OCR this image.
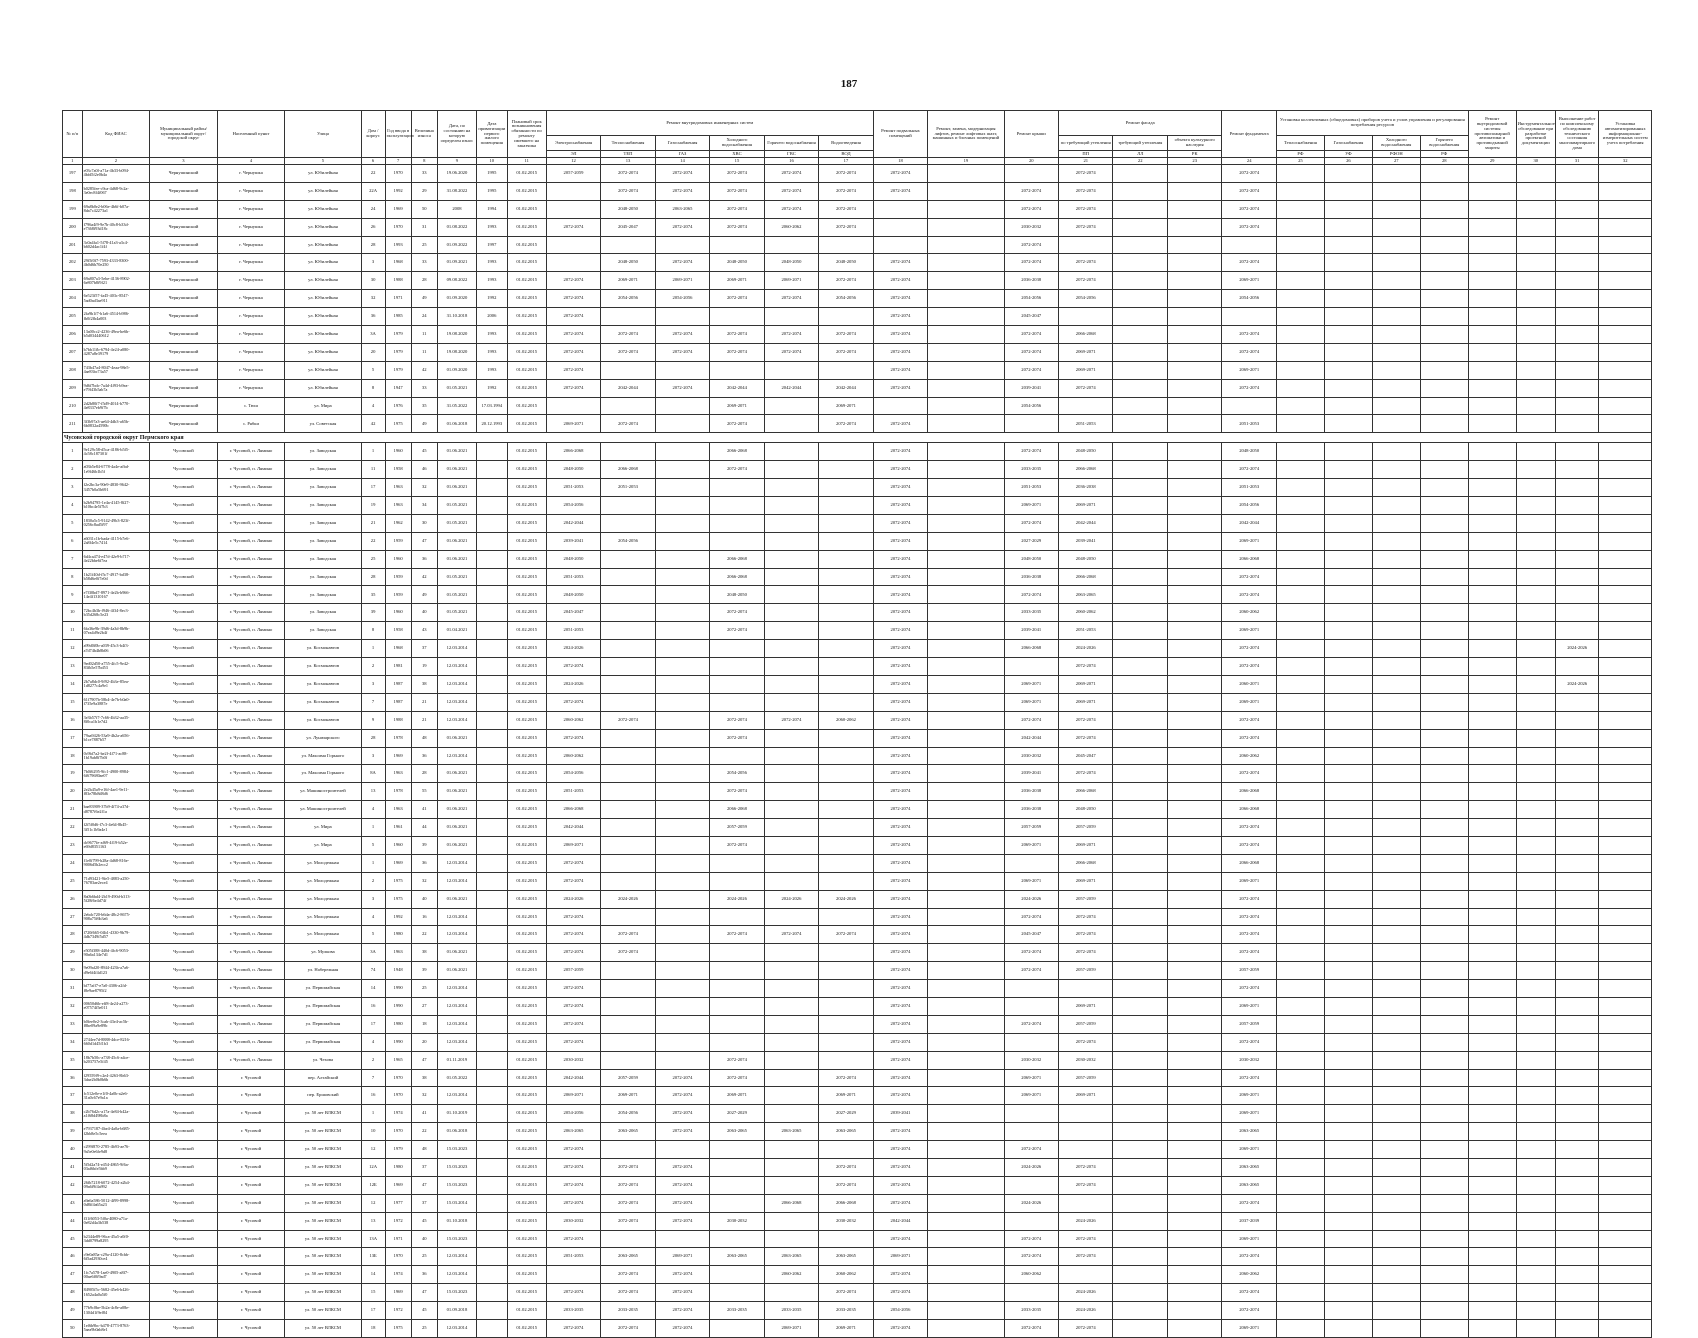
187
№ п/п	Код ФИАС	Муниципальный район/муниципальный округ/городской округ	Населенный пункт	Улица	Дом / корпус	Год ввода в эксплуатацию	Величина износа	Дата, по состоянию на которую определен износ	Дата приватизации первого жилого помещения	Плановый срок возникновения обязанности по ремонту имевшего на заказчика	Ремонт внутридомовых инженерных систем						Ремонт подвальных помещений	Ремонт, замена, модернизация лифтов, ремонт лифтовых шахт, машинных и блочных помещений	Ремонт крыши	Ремонт фасада			Ремонт фундамента	Установка коллективных (общедомовых) приборов учета и узлов управления и регулирования потребления ресурсов				Ремонт внутридомовой системы противопожарной автоматики и противодымной защиты	Инструментальное обследование при разработке проектной документации	Выполнение работ по комплексному обследованию технического состояния многоквартирного дома	Установка автоматизированных информационно-измерительных систем учета потребления
											Электроснабжения	Теплоснабжения	Газоснабжения	Холодного водоснабжения	Горячего водоснабжения	Водоотведения				по требующий утепления	требующий утепления	объекта культурного наследия		Теплоснабжения	Газоснабжения	Холодного водоснабжения	Горячего водоснабжения				
											ЭЛ	ТЕП	ГАЗ	ХВС	ГВС	ВОД				ПП	ЛЛ	РК		РФ	УФ	РФОН	РФ				
1	2	3	4	5	6	7	8	9	10	11	12	13	14	15	16	17	18	19	20	21	22	23	24	25	26	27	28	29	30	31	32
197	e03c7a0f-a71a-4b33-b094-4bfd5f2e0b4a	Чернушинский	г. Чернушка	ул. Юбилейная	22	1970	33	19.06.2020	1995	01.02.2015	2057-2059	2072-2074	2072-2074	2072-2074	2072-2074	2072-2074	2072-2074			2072-2074			2072-2074								
198	b0285fee-c9ca-4d68-9c2a-3e0ec8f4f067	Чернушинский	г. Чернушка	ул. Юбилейная	22А	1992	29	31.08.2022	1995	01.02.2015		2072-2074	2072-2074	2072-2074	2072-2074	2072-2074	2072-2074		2072-2074	2072-2074			2072-2074								
199	69a8b0e2-b06e-4b6f-b07a-8da7c42273a1	Чернушинский	г. Чернушка	ул. Юбилейная	24	1969	50	2008	1994	01.02.2015		2048-2050	2063-2065	2072-2074	2072-2074	2072-2074			2072-2074	2072-2074			2072-2074								
200	f796a4f9-9e7b-40c8-b33d-e7368f93d18c	Чернушинский	г. Чернушка	ул. Юбилейная	26	1970	31	01.08.2022	1993	01.02.2015	2072-2074	2045-2047	2072-2074	2072-2074	2060-2062	2072-2074			2030-2032	2072-2074			2072-2074								
201	3c0a4fa1-5f78-41a3-a3c4-b602d4ac1f4f	Чернушинский	г. Чернушка	ул. Юбилейная	28	1993	25	01.09.2022	1997	01.02.2015									2072-2074												
202	29f5f0f7-7593-4333-8300-4b0d6b70e250	Чернушинский	г. Чернушка	ул. Юбилейная	3	1968	33	01.09.2021	1993	01.02.2015		2048-2050	2072-2074	2048-2050	2048-2050	2048-2050	2072-2074		2072-2074	2072-2074			2072-2074								
203	69a807a3-5ebe-4136-8902-6e807b8f9f21	Чернушинский	г. Чернушка	ул. Юбилейная	30	1988	28	09.08.2022	1993	01.02.2015	2072-2074	2069-2071	2069-2071	2069-2071	2069-2071	2072-2074	2072-2074		2036-2038	2072-2074			2069-2071								
204	6e523f57-fa45-403c-8547-5ad0ad3ae911	Чернушинский	г. Чернушка	ул. Юбилейная	32	1971	49	01.09.2020	1992	01.02.2015	2072-2074	2054-2056	2054-2056	2072-2074	2072-2074	2054-2056	2072-2074		2054-2056	2054-2056			2054-2056								
205	2fa9b1f7-b1a6-4514-b986-fb0f2fb4a003	Чернушинский	г. Чернушка	ул. Юбилейная	36	1985	24	31.10.2018	2006	01.02.2015	2072-2074						2072-2074		2045-2047												
206	13a00cc2-4236-49ea-be6b-b5d034440612	Чернушинский	г. Чернушка	ул. Юбилейная	3А	1979	11	19.08.2020	1993	01.02.2015	2072-2074	2072-2074	2072-2074	2072-2074	2072-2074	2072-2074	2072-2074		2072-2074	2066-2068			2072-2074								
207	b7bb11fb-6794-4e24-a080-4287a8e39179	Чернушинский	г. Чернушка	ул. Юбилейная	20	1979	11	19.08.2020	1993	01.02.2015	2072-2074	2072-2074	2072-2074	2072-2074	2072-2074	2072-2074	2072-2074		2072-2074	2069-2071			2072-2074								
208	743b47a4-8047-4eaa-98e5-4ae83bc73a57	Чернушинский	г. Чернушка	ул. Юбилейная	5	1979	42	01.09.2020	1993	01.02.2015	2072-2074						2072-2074		2072-2074	2069-2071			2069-2071								
209	9d6f7bdc-7a4d-4f93-b9ea-e79f43b5ab7a	Чернушинский	г. Чернушка	ул. Юбилейная	8	1947	33	01.05.2021	1992	01.02.2015	2072-2074	2042-2044	2072-2074	2042-2044	2042-2044	2042-2044	2072-2074		2039-2041	2072-2074			2072-2074								
210	2d2b80f7-f5d9-4014-b770-4e8337eb9f7b	Чернушинский	с. Тюш	ул. Мира	4	1976	35	31.05.2022	17.03.1994	01.02.2015				2069-2071		2069-2071			2054-2056												
211	3f3b97a3-ae64-4db3-a65b-6b0832a4590b	Чернушинский	с. Рябки	ул. Советская	42	1975	49	01.06.2018	20.12.1993	01.02.2015	2069-2071	2072-2074		2072-2074		2072-2074	2072-2074			2051-2053			2051-2053								
Чусовской городской округ Пермского края																															
1	9e129c58-d5ca-4186-b5f5-4c58c187301f	Чусовской	г. Чусовой, п. Лямино	ул. Заводская	1	1960	45	01.06.2021		01.02.2015	2066-2068			2066-2068			2072-2074		2072-2074	2048-2050			2048-2050								
2	a03b5e84-6778-4a4e-afbd-1e9f46b1b5f	Чусовской	г. Чусовой, п. Лямино	ул. Заводская	11	1958	46	01.06.2021		01.02.2015	2048-2050	2066-2068		2072-2074			2072-2074		2033-2035	2066-2068			2072-2074								
3	f2e2bc3a-90e9-4830-9642-3457b0a5b691	Чусовской	г. Чусовой, п. Лямино	ул. Заводская	17	1963	32	01.06.2021		01.02.2015	2051-2053	2051-2053					2072-2074		2051-2053	2036-2038			2051-2053								
4	b2b94795-1e4a-4145-8f27-b10bc4e5f7b3	Чусовской	г. Чусовой, п. Лямино	ул. Заводская	19	1963	34	01.05.2021		01.02.2015	2054-2056						2072-2074		2069-2071	2069-2071			2054-2056								
5	1830a5c5-9142-49b3-823f-0256c8ad5f97	Чусовской	г. Чусовой, п. Лямино	ул. Заводская	21	1962	30	01.05.2021		01.02.2015	2042-2044						2072-2074		2072-2074	2042-2044			2042-2044								
6	a6031c1b-bada-4115-b7e6-2a8f4e5c7414	Чусовской	г. Чусовой, п. Лямино	ул. Заводская	22	1959	47	01.06.2021		01.02.2015	2039-2041	2054-2056					2072-2074		2027-2029	2039-2041			2069-2071								
7	6d4ca474-e47d-42e9-b717-4e22bbe6f7ea	Чусовской	г. Чусовой, п. Лямино	ул. Заводская	25	1960	36	01.06.2021		01.02.2015	2048-2050			2066-2068			2072-2074		2048-2050	2048-2050			2066-2068								
8	1b21f40d-f5c7-4917-bd38-b58d6e0f7e0d	Чусовской	г. Чусовой, п. Лямино	ул. Заводская	28	1959	42	01.05.2021		01.02.2015	2051-2053			2066-2068			2072-2074		2036-2038	2066-2068			2072-2074								
9	e7f30bd7-8971-4e2b-b966-14e4f1310167	Чусовской	г. Чусовой, п. Лямино	ул. Заводская	35	1959	49	01.05.2021		01.02.2015	2048-2050			2048-2050			2072-2074		2072-2074	2063-2065			2072-2074								
10	72bc4b3b-f946-4f34-8ec3-b35d268c5e23	Чусовской	г. Чусовой, п. Лямино	ул. Заводская	39	1960	40	01.05.2021		01.02.2015	2045-2047			2072-2074			2072-2074		2033-2035	2060-2062			2060-2062								
11	6fa36e9b-39d6-4a3d-8b9b-07ea4d9e2b4f	Чусовской	г. Чусовой, п. Лямино	ул. Заводская	8	1958	43	01.04.2021		01.02.2015	2051-2053			2072-2074			2072-2074		2039-2041	2051-2053			2069-2071								
12	a99d0f0b-a039-45c3-b4f3-a7d74b4b8b06	Чусовской	г. Чусовой, п. Лямино	ул. Космонавтов	1	1968	37	12.03.2014		01.02.2015	2024-2026						2072-2074		2066-2068	2024-2026			2072-2074							2024-2026	
13	9ed02d50-a755-4fc5-9e42-83fb5e57bd53	Чусовской	г. Чусовой, п. Лямино	ул. Космонавтов	2	1981	19	12.03.2014		01.02.2015	2072-2074						2072-2074			2072-2074			2072-2074								
14	2b7a8dc0-9f92-4b3e-85ea-1d8277c4a9e1	Чусовской	г. Чусовой, п. Лямино	ул. Космонавтов	3	1987	38	12.03.2014		01.02.2015	2024-2026						2072-2074		2069-2071	2069-2071			2060-2071							2024-2026	
15	61f7907b-58b4-4e7b-b0a0-f735e9a3887e	Чусовской	г. Чусовой, п. Лямино	ул. Космонавтов	7	1987	21	12.03.2014		01.02.2015	2072-2074						2072-2074		2069-2071	2069-2071			2069-2071								
16	3e3b57f7-7c66-4b32-aa35-8f0ca1b1e7d2	Чусовской	г. Чусовой, п. Лямино	ул. Космонавтов	9	1988	21	12.03.2014		01.02.2015	2060-2062	2072-2074		2072-2074	2072-2074	2060-2062	2072-2074		2072-2074	2072-2074			2072-2074								
17	79aa9426-53a9-4b2a-a656-b1ce7887b57	Чусовской	г. Чусовой, п. Лямино	ул. Луначарского	28	1978	48	01.06.2021		01.02.2015	2072-2074			2072-2074			2072-2074		2042-2044	2072-2074			2072-2074								
18	0c9bf7a2-be2f-4f71-ac88-1b19ab8f7b0f	Чусовской	г. Чусовой, п. Лямино	ул. Максима Горького	3	1969	36	12.03.2014		01.02.2015	2060-2062						2072-2074		2030-2032	2045-2047			2060-2062								
19	7b0f6295-9fc1-4900-8984-6f679680ae07	Чусовской	г. Чусовой, п. Лямино	ул. Максима Горького	8А	1963	28	01.06.2021		01.02.2015	2054-2056			2054-2056			2072-2074		2039-2041	2072-2074			2072-2074								
20	2e2b45a9-e16f-4ae1-9e11-f83e78b8d8d6	Чусовской	г. Чусовой, п. Лямино	ул. Машиностроителей	13	1978	55	01.06.2021		01.02.2015	2051-2053			2072-2074			2072-2074		2036-2038	2066-2068			2066-2068								
21	bae83909-37b9-4f74-a37d-d8787f6e2f1a	Чусовской	г. Чусовой, п. Лямино	ул. Машиностроителей	4	1963	41	01.06.2021		01.02.2015	2066-2068			2066-2068			2072-2074		2036-2038	2048-2050			2066-2068								
22	f2f5f0d6-f7c3-4e64-8b45-3f51c1b9a4e1	Чусовской	г. Чусовой, п. Лямино	ул. Мира	1	1961	44	01.06.2021		01.02.2015	2042-2044			2057-2059			2072-2074		2057-2059	2057-2059			2072-2074								
23	dc9677fe-af69-4f19-b52e-e69d8351163	Чусовской	г. Чусовой, п. Лямино	ул. Мира	5	1960	39	01.06.2021		01.02.2015	2069-2071			2072-2074			2072-2074		2069-2071	2069-2071			2072-2074								
24	f1e0f799-b28a-4d68-816e-9006d5b2ecc2	Чусовской	г. Чусовой, п. Лямино	ул. Молодежная	1	1969	36	12.03.2014		01.02.2015	2072-2074						2072-2074			2066-2068			2066-2068								
25	71d93421-9fe5-4883-a250-76783ae2ece4	Чусовской	г. Чусовой, п. Лямино	ул. Молодежная	2	1975	32	12.03.2014		01.02.2015	2072-2074						2072-2074		2069-2071	2069-2071			2069-2071								
26	8a0b6bd4-2b19-490d-b313-5f28f6e4d74f	Чусовской	г. Чусовой, п. Лямино	ул. Молодежная	3	1975	40	01.06.2021		01.02.2015	2024-2026	2024-2026		2024-2026	2024-2026	2024-2026	2072-2074		2024-2026	2057-2059			2072-2074								
27	2ebdc720-b6da-48c2-8675-908a75f6b3a6	Чусовской	г. Чусовой, п. Лямино	ул. Молодежная	4	1992	16	12.03.2014		01.02.2015	2072-2074						2072-2074		2072-2074	2072-2074			2072-2074								
28	f720f665-04b1-4330-9b79-4db7349f5d57	Чусовской	г. Чусовой, п. Лямино	ул. Молодежная	5	1980	22	12.03.2014		01.02.2015	2072-2074	2072-2074		2072-2074	2072-2074	2072-2074	2072-2074		2045-2047	2072-2074			2072-2074								
29	e505f388-440d-4fc6-9053-90a6a134e7d1	Чусовской	г. Чусовой, п. Лямино	ул. Мулкова	3А	1963	38	01.06.2021		01.02.2015	2072-2074	2072-2074					2072-2074		2072-2074	2072-2074			2072-2074								
30	9e09af20-8944-423b-a7a6-d9e6f4f4d123	Чусовской	г. Чусовой, п. Лямино	ул. Набережная	74	1948	39	01.06.2021		01.02.2015	2057-2059						2072-2074		2072-2074	2057-2059			2057-2059								
31	bf77aff7-e7a0-4306-a2fd-f8e9ae8795f2	Чусовской	г. Чусовой, п. Лямино	ул. Первомайская	14	1990	25	12.03.2014		01.02.2015	2072-2074						2072-2074						2072-2074								
32	00650d6b-eff8-4e24-a273-e07574f5e011	Чусовской	г. Чусовой, п. Лямино	ул. Первомайская	16	1990	27	12.03.2014		01.02.2015	2072-2074						2072-2074			2069-2071			2069-2071								
33	b0fee0e2-3cab-43e4-ac5b-f8be09a9e89b	Чусовской	г. Чусовой, п. Лямино	ул. Первомайская	17	1980	18	12.03.2014		01.02.2015	2072-2074						2072-2074		2072-2074	2057-2059			2057-2059								
34	2744ee7d-8888-4dce-8216-660d1d45f1b3	Чусовской	г. Чусовой, п. Лямино	ул. Первомайская	4	1990	20	12.03.2014		01.02.2015	2072-2074						2072-2074			2072-2074			2072-2074								
35	18b7b50c-a738-45c6-a4ce-b203757e5f45	Чусовской	г. Чусовой, п. Лямино	ул. Чехова	2	1965	47	01.11.2019		01.02.2015	2030-2032			2072-2074			2072-2074		2030-2032	2030-2032			2030-2032								
36	f29559f9-c2e4-4263-8b63-3dae2b0b0b6b	Чусовской	г. Чусовой	пер. Алтайский	7	1970	38	01.05.2022		01.02.2015	2042-2044	2057-2059	2072-2074	2072-2074		2072-2074	2072-2074		2069-2071	2057-2059			2072-2074								
37	fc512e0e-e1f0-4a0b-a2e6-31a0c67e9a1a	Чусовской	г. Чусовой	пер. Ершовский	16	1970	32	12.03.2014		01.02.2015	2069-2071	2069-2071	2072-2074	2069-2071		2069-2071	2072-2074		2069-2071	2069-2071			2069-2071								
38	c2b76d2c-a17a-4e84-b42a-a1f68d498b8a	Чусовской	г. Чусовой	ул. 50 лет ВЛКСМ	1	1974	41	01.10.2019		01.02.2015	2054-2056	2054-2056	2072-2074	2027-2029		2027-2029	2039-2041						2069-2071								
39	e7937187-4be4-4a0a-b685-f2bb8e5c5eea	Чусовской	г. Чусовой	ул. 50 лет ВЛКСМ	10	1970	22	01.06.2018		01.02.2015	2063-2065	2063-2065	2072-2074	2063-2065	2063-2065	2063-2065	2072-2074						2063-2065								
40	c299f870-2785-4b93-ae76-9a5e0e6fe9d8	Чусовской	г. Чусовой	ул. 50 лет ВЛКСМ	12	1979	48	15.03.2023		01.02.2015	2072-2074						2072-2074		2072-2074				2069-2071								
41	5f5d2a74-e454-4865-9f6a-03af6bfe5bb9	Чусовской	г. Чусовой	ул. 50 лет ВЛКСМ	12А	1980	37	15.03.2023		01.02.2015	2072-2074	2072-2074	2072-2074			2072-2074	2072-2074		2024-2026	2072-2074			2063-2065								
42	26fb7218-6072-4254-a2b4-09a6f9f4a992	Чусовской	г. Чусовой	ул. 50 лет ВЛКСМ	12Б	1969	47	15.03.2023		01.02.2015	2072-2074	2072-2074	2072-2074			2072-2074	2072-2074			2072-2074			2063-2065								
43	a9a6a586-5012-4f99-8998-0d8ff4a65a23	Чусовской	г. Чусовой	ул. 50 лет ВЛКСМ	12	1977	37	15.03.2014		01.02.2015	2072-2074	2072-2074	2072-2074		2066-2068	2066-2068	2072-2074		2024-2026				2072-2074								
44	f31f6053-5f0a-4080-a71a-0e82d4a3b538	Чусовской	г. Чусовой	ул. 50 лет ВЛКСМ	13	1972	45	01.10.2018		01.02.2015	2030-2032	2072-2074	2072-2074	2030-2032		2030-2032	2042-2044			2024-2026			2037-2039								
45	b2344e89-96ca-45a5-a0f0-3dd0799a8295	Чусовской	г. Чусовой	ул. 50 лет ВЛКСМ	13А	1971	40	15.03.2023		01.02.2015	2072-2074						2072-2074		2072-2074	2072-2074			2069-2071								
46	c9e0a85a-c29a-4120-8cbb-6f5ad2930ce4	Чусовской	г. Чусовой	ул. 50 лет ВЛКСМ	13Б	1970	25	12.03.2014		01.02.2015	2051-2053	2063-2065	2069-2071	2063-2065	2063-2065	2063-2065	2069-2071		2072-2074	2072-2074			2072-2074								
47	1fc7a578-1ae0-4905-a8f7-00ae6f0f9ad7	Чусовской	г. Чусовой	ул. 50 лет ВЛКСМ	14	1974	36	12.03.2014		01.02.2015		2072-2074	2072-2074		2060-2062	2060-2062	2072-2074		2060-2062				2060-2062								
48	84905f5c-5682-45e6-b426-1652a4a0a5f0	Чусовской	г. Чусовой	ул. 50 лет ВЛКСМ	15	1969	47	15.03.2023		01.02.2015	2072-2074	2072-2074	2072-2074			2072-2074	2072-2074			2024-2026			2072-2074								
49	77b9c0be-5b2a-4c8e-a08e-1304d1f9ef84	Чусовской	г. Чусовой	ул. 50 лет ВЛКСМ	17	1972	45	01.09.2018		01.02.2015	2033-2035	2033-2035	2072-2074	2033-2035	2033-2035	2033-2035	2054-2056		2033-2035	2024-2026			2072-2074								
50	1ef6b9bc-b478-4773-8763-5aea9b0ab8e1	Чусовской	г. Чусовой	ул. 50 лет ВЛКСМ	18	1975	25	12.03.2014		01.02.2015	2072-2074	2072-2074	2072-2074		2069-2071	2069-2071	2072-2074		2072-2074	2072-2074			2069-2071								
